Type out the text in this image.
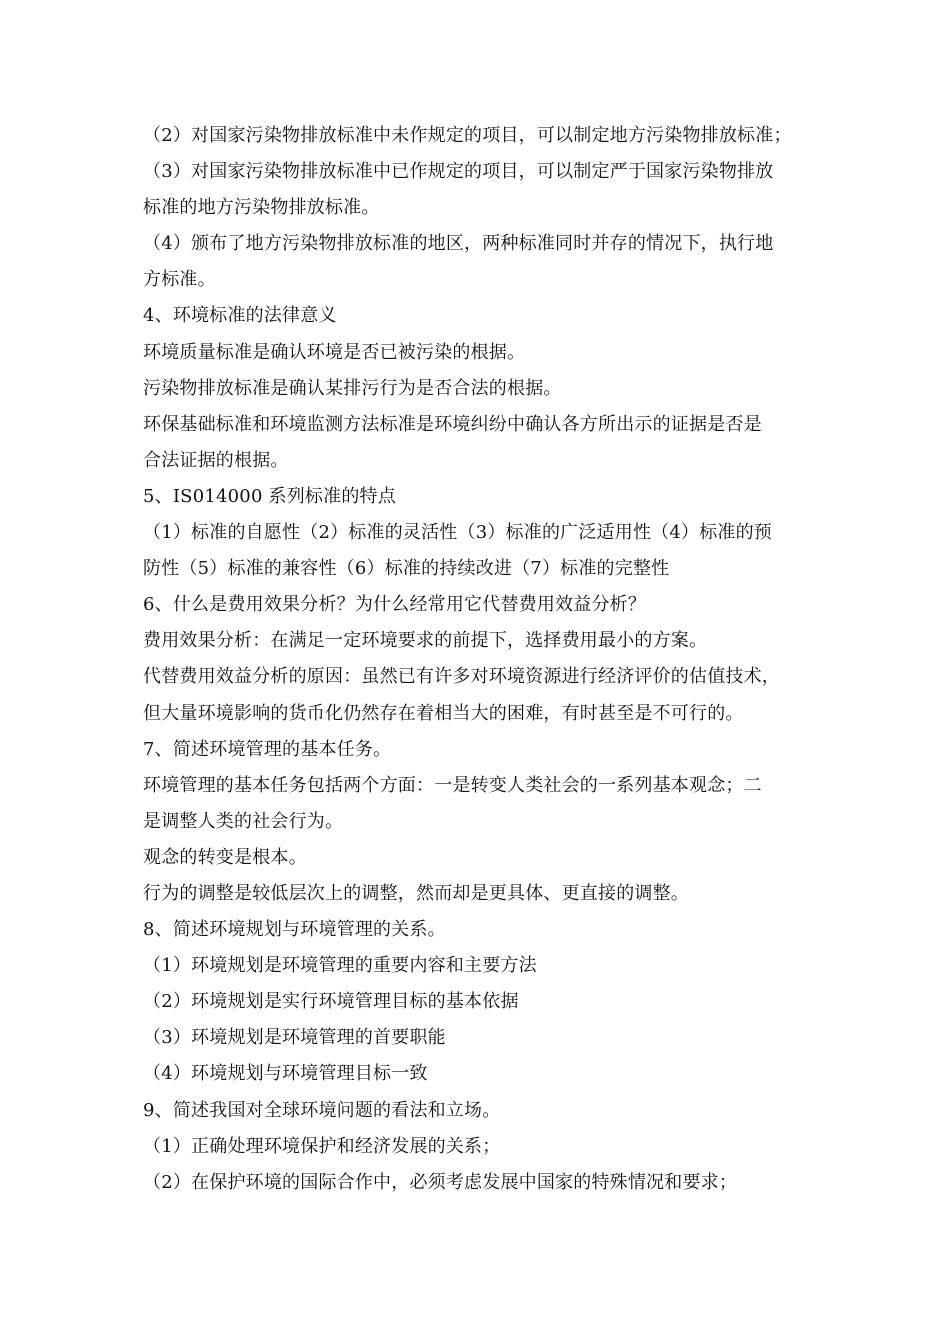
（2）对国家污染物排放标准中未作规定的项目，可以制定地方污染物排放标准；
（3）对国家污染物排放标准中已作规定的项目，可以制定严于国家污染物排放
标准的地方污染物排放标准。
（4）颁布了地方污染物排放标准的地区，两种标准同时并存的情况下，执行地
方标准。
4、环境标准的法律意义
环境质量标准是确认环境是否已被污染的根据。
污染物排放标准是确认某排污行为是否合法的根据。
环保基础标准和环境监测方法标准是环境纠纷中确认各方所出示的证据是否是
合法证据的根据。
5、IS014000 系列标准的特点
（1）标准的自愿性（2）标准的灵活性（3）标准的广泛适用性（4）标准的预
防性（5）标准的兼容性（6）标准的持续改进（7）标准的完整性
6、什么是费用效果分析？为什么经常用它代替费用效益分析？
费用效果分析：在满足一定环境要求的前提下，选择费用最小的方案。
代替费用效益分析的原因：虽然已有许多对环境资源进行经济评价的估值技术，
但大量环境影响的货币化仍然存在着相当大的困难，有时甚至是不可行的。
7、简述环境管理的基本任务。
环境管理的基本任务包括两个方面：一是转变人类社会的一系列基本观念；二
是调整人类的社会行为。
观念的转变是根本。
行为的调整是较低层次上的调整，然而却是更具体、更直接的调整。
8、简述环境规划与环境管理的关系。
（1）环境规划是环境管理的重要内容和主要方法
（2）环境规划是实行环境管理目标的基本依据
（3）环境规划是环境管理的首要职能
（4）环境规划与环境管理目标一致
9、简述我国对全球环境问题的看法和立场。
（1）正确处理环境保护和经济发展的关系；
（2）在保护环境的国际合作中，必须考虑发展中国家的特殊情况和要求；
